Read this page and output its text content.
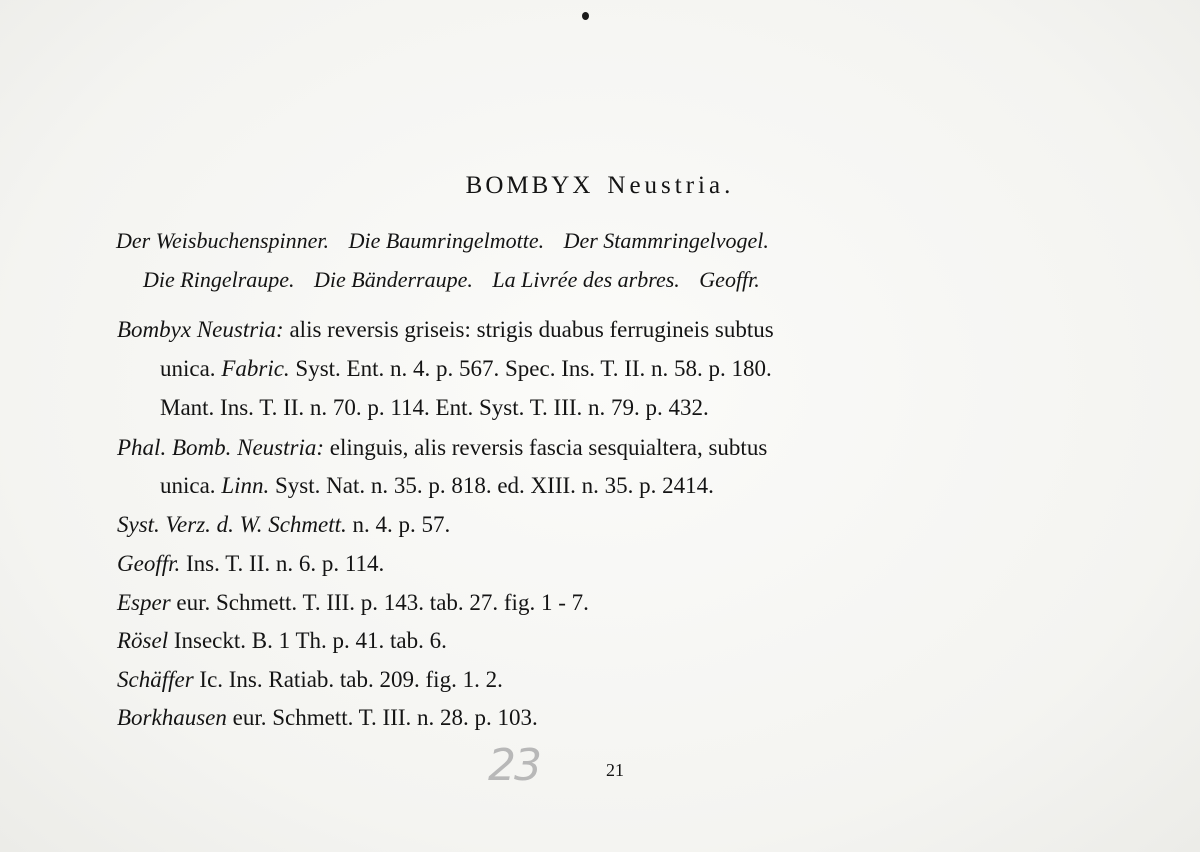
BOMBYX Neustria.
Der Weisbuchenspinner. Die Baumringelmotte. Der Stammringelvogel.
Die Ringelraupe. Die Bänderraupe. La Livrée des arbres. Geoffr.
Bombyx Neustria: alis reversis griseis: strigis duabus ferrugineis subtus
unica. Fabric. Syst. Ent. n. 4. p. 567. Spec. Ins. T. II. n. 58. p. 180.
Mant. Ins. T. II. n. 70. p. 114. Ent. Syst. T. III. n. 79. p. 432.
Phal. Bomb. Neustria: elinguis, alis reversis fascia sesquialtera, subtus
unica. Linn. Syst. Nat. n. 35. p. 818. ed. XIII. n. 35. p. 2414.
Syst. Verz. d. W. Schmett. n. 4. p. 57.
Geoffr. Ins. T. II. n. 6. p. 114.
Esper eur. Schmett. T. III. p. 143. tab. 27. fig. 1 - 7.
Rösel Inseckt. B. 1 Th. p. 41. tab. 6.
Schäffer Ic. Ins. Ratiab. tab. 209. fig. 1. 2.
Borkhausen eur. Schmett. T. III. n. 28. p. 103.
23	21
